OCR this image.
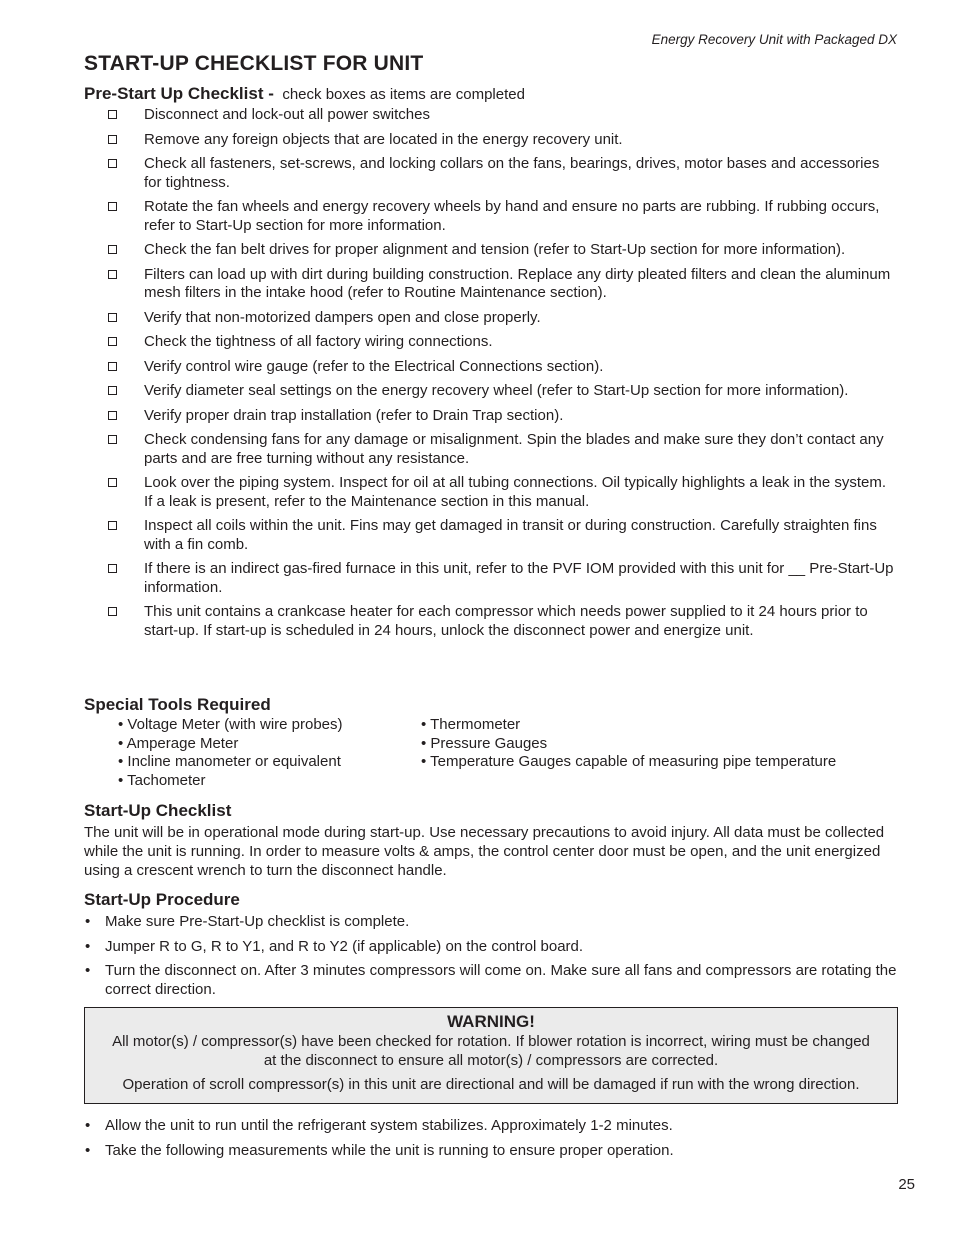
Energy Recovery Unit with Packaged DX
START-UP CHECKLIST FOR UNIT
Pre-Start Up Checklist - check boxes as items are completed
Disconnect and lock-out all power switches
Remove any foreign objects that are located in the energy recovery unit.
Check all fasteners, set-screws, and locking collars on the fans, bearings, drives, motor bases and accessories for tightness.
Rotate the fan wheels and energy recovery wheels by hand and ensure no parts are rubbing. If rubbing occurs, refer to Start-Up section for more information.
Check the fan belt drives for proper alignment and tension (refer to Start-Up section for more information).
Filters can load up with dirt during building construction. Replace any dirty pleated filters and clean the aluminum mesh filters in the intake hood (refer to Routine Maintenance section).
Verify that non-motorized dampers open and close properly.
Check the tightness of all factory wiring connections.
Verify control wire gauge (refer to the Electrical Connections section).
Verify diameter seal settings on the energy recovery wheel (refer to Start-Up section for more information).
Verify proper drain trap installation (refer to Drain Trap section).
Check condensing fans for any damage or misalignment. Spin the blades and make sure they don’t contact any parts and are free turning without any resistance.
Look over the piping system. Inspect for oil at all tubing connections. Oil typically highlights a leak in the system. If a leak is present, refer to the Maintenance section in this manual.
Inspect all coils within the unit. Fins may get damaged in transit or during construction. Carefully straighten fins with a fin comb.
If there is an indirect gas-fired furnace in this unit, refer to the PVF IOM provided with this unit for __ Pre-Start-Up information.
This unit contains a crankcase heater for each compressor which needs power supplied to it 24 hours prior to start-up. If start-up is scheduled in 24 hours, unlock the disconnect power and energize unit.
Special Tools Required
• Voltage Meter (with wire probes)
• Amperage Meter
• Incline manometer or equivalent
• Tachometer
• Thermometer
• Pressure Gauges
• Temperature Gauges capable of measuring pipe temperature
Start-Up Checklist
The unit will be in operational mode during start-up. Use necessary precautions to avoid injury. All data must be collected while the unit is running. In order to measure volts & amps, the control center door must be open, and the unit energized using a crescent wrench to turn the disconnect handle.
Start-Up Procedure
• Make sure Pre-Start-Up checklist is complete.
• Jumper R to G, R to Y1, and R to Y2 (if applicable) on the control board.
• Turn the disconnect on. After 3 minutes compressors will come on. Make sure all fans and compressors are rotating the correct direction.
WARNING!
All motor(s) / compressor(s) have been checked for rotation. If blower rotation is incorrect, wiring must be changed at the disconnect to ensure all motor(s) / compressors are corrected.
Operation of scroll compressor(s) in this unit are directional and will be damaged if run with the wrong direction.
• Allow the unit to run until the refrigerant system stabilizes. Approximately 1-2 minutes.
• Take the following measurements while the unit is running to ensure proper operation.
25
